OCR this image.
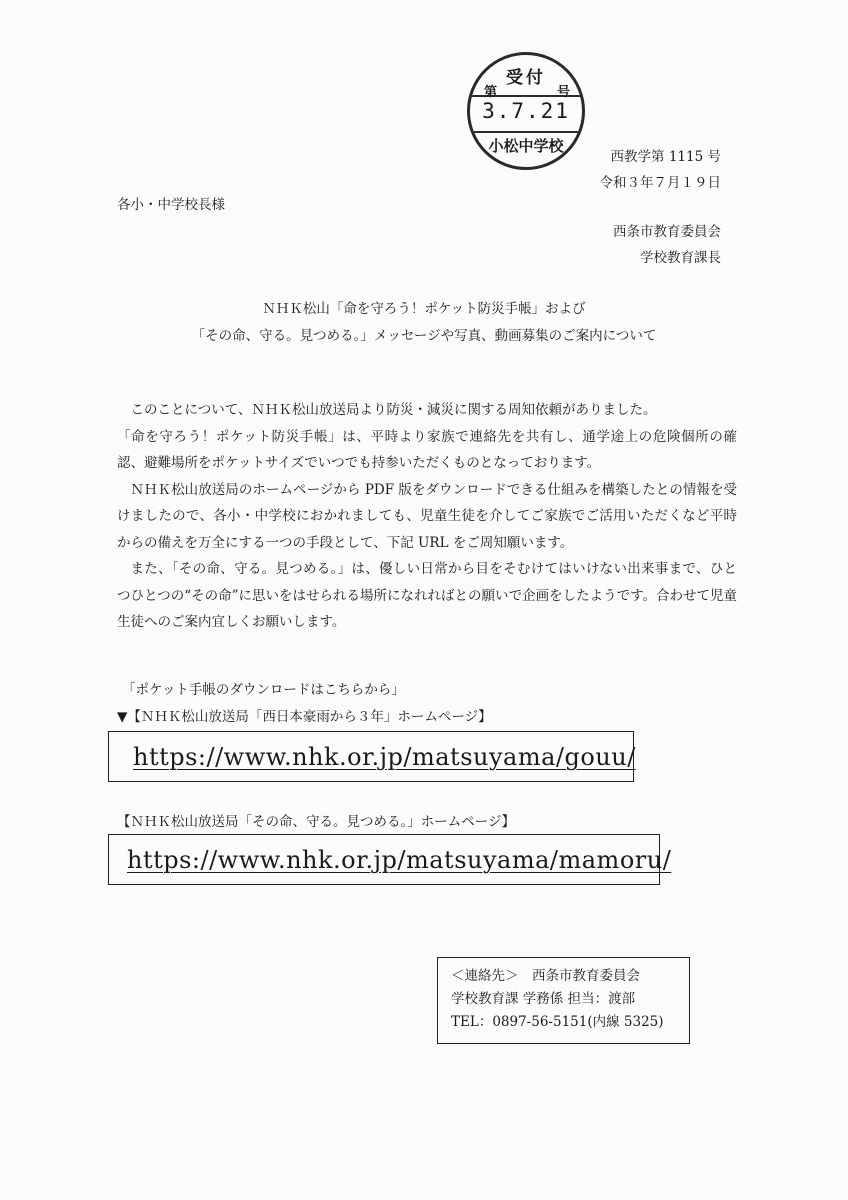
受付
第	号
3.7.21
小松中学校
西教学第 1115 号
令和３年７月１９日
各小・中学校長様
西条市教育委員会
学校教育課長
ＮＨＫ松山「命を守ろう！ポケット防災手帳」および
「その命、守る。見つめる。」メッセージや写真、動画募集のご案内について

このことについて、ＮＨＫ松山放送局より防災・減災に関する周知依頼がありました。

「命を守ろう！ポケット防災手帳」は、平時より家族で連絡先を共有し、通学途上の危険個所の確認、避難場所をポケットサイズでいつでも持参いただくものとなっております。

ＮＨＫ松山放送局のホームページから PDF 版をダウンロードできる仕組みを構築したとの情報を受けましたので、各小・中学校におかれましても、児童生徒を介してご家族でご活用いただくなど平時からの備えを万全にする一つの手段として、下記 URL をご周知願います。

また、「その命、守る。見つめる。」は、優しい日常から目をそむけてはいけない出来事まで、ひとつひとつの“その命”に思いをはせられる場所になれればとの願いで企画をしたようです。合わせて児童生徒へのご案内宜しくお願いします。

「ポケット手帳のダウンロードはこちらから」
▼【ＮＨＫ松山放送局「西日本豪雨から３年」ホームページ】
https://www.nhk.or.jp/matsuyama/gouu/
【ＮＨＫ松山放送局「その命、守る。見つめる。」ホームページ】
https://www.nhk.or.jp/matsuyama/mamoru/
＜連絡先＞　西条市教育委員会
学校教育課 学務係 担当：渡部
TEL：0897-56-5151(内線 5325)
